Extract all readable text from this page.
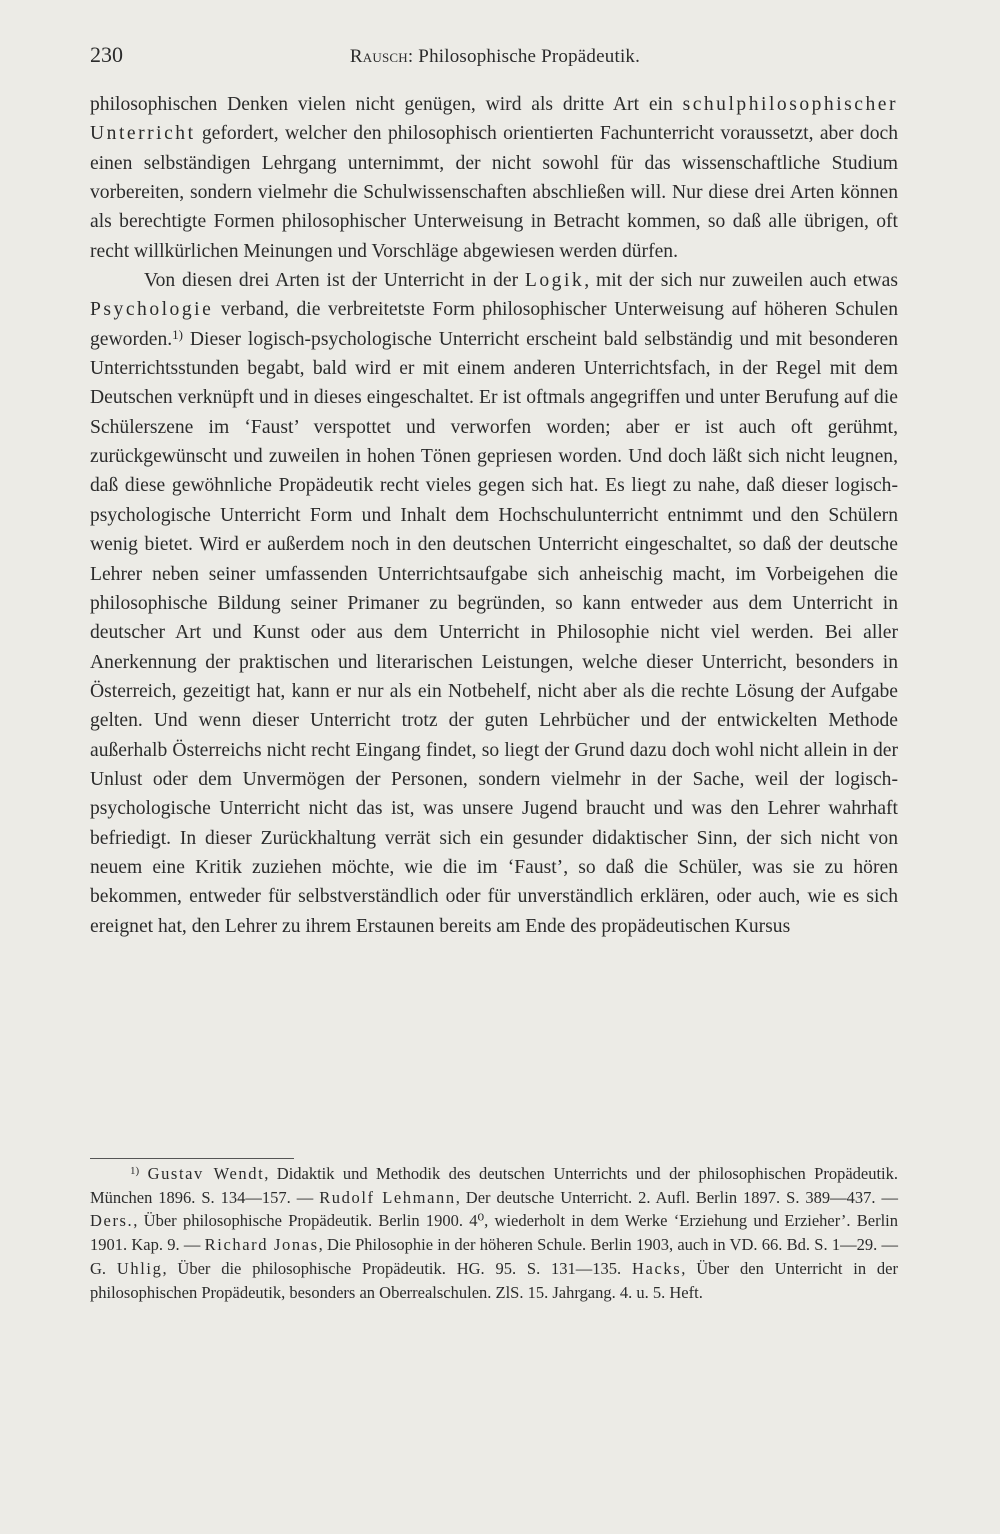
230	Rausch: Philosophische Propädeutik.

philosophischen Denken vielen nicht genügen, wird als dritte Art ein schulphilosophischer Unterricht gefordert, welcher den philosophisch orientierten Fachunterricht voraussetzt, aber doch einen selbständigen Lehrgang unternimmt, der nicht sowohl für das wissenschaftliche Studium vorbereiten, sondern vielmehr die Schulwissenschaften abschließen will. Nur diese drei Arten können als berechtigte Formen philosophischer Unterweisung in Betracht kommen, so daß alle übrigen, oft recht willkürlichen Meinungen und Vorschläge abgewiesen werden dürfen.

Von diesen drei Arten ist der Unterricht in der Logik, mit der sich nur zuweilen auch etwas Psychologie verband, die verbreitetste Form philosophischer Unterweisung auf höheren Schulen geworden.$^{1)}$ Dieser logisch-psychologische Unterricht erscheint bald selbständig und mit besonderen Unterrichtsstunden begabt, bald wird er mit einem anderen Unterrichtsfach, in der Regel mit dem Deutschen verknüpft und in dieses eingeschaltet. Er ist oftmals angegriffen und unter Berufung auf die Schülerszene im ‘Faust’ verspottet und verworfen worden; aber er ist auch oft gerühmt, zurückgewünscht und zuweilen in hohen Tönen gepriesen worden. Und doch läßt sich nicht leugnen, daß diese gewöhnliche Propädeutik recht vieles gegen sich hat. Es liegt zu nahe, daß dieser logisch-psychologische Unterricht Form und Inhalt dem Hochschulunterricht entnimmt und den Schülern wenig bietet. Wird er außerdem noch in den deutschen Unterricht eingeschaltet, so daß der deutsche Lehrer neben seiner umfassenden Unterrichtsaufgabe sich anheischig macht, im Vorbeigehen die philosophische Bildung seiner Primaner zu begründen, so kann entweder aus dem Unterricht in deutscher Art und Kunst oder aus dem Unterricht in Philosophie nicht viel werden. Bei aller Anerkennung der praktischen und literarischen Leistungen, welche dieser Unterricht, besonders in Österreich, gezeitigt hat, kann er nur als ein Notbehelf, nicht aber als die rechte Lösung der Aufgabe gelten. Und wenn dieser Unterricht trotz der guten Lehrbücher und der entwickelten Methode außerhalb Österreichs nicht recht Eingang findet, so liegt der Grund dazu doch wohl nicht allein in der Unlust oder dem Unvermögen der Personen, sondern vielmehr in der Sache, weil der logisch-psychologische Unterricht nicht das ist, was unsere Jugend braucht und was den Lehrer wahrhaft befriedigt. In dieser Zurückhaltung verrät sich ein gesunder didaktischer Sinn, der sich nicht von neuem eine Kritik zuziehen möchte, wie die im ‘Faust’, so daß die Schüler, was sie zu hören bekommen, entweder für selbstverständlich oder für unverständlich erklären, oder auch, wie es sich ereignet hat, den Lehrer zu ihrem Erstaunen bereits am Ende des propädeutischen Kursus

$^{1)}$ Gustav Wendt, Didaktik und Methodik des deutschen Unterrichts und der philosophischen Propädeutik. München 1896. S. 134—157. — Rudolf Lehmann, Der deutsche Unterricht. 2. Aufl. Berlin 1897. S. 389—437. — Ders., Über philosophische Propädeutik. Berlin 1900. 4⁰, wiederholt in dem Werke ‘Erziehung und Erzieher’. Berlin 1901. Kap. 9. — Richard Jonas, Die Philosophie in der höheren Schule. Berlin 1903, auch in VD. 66. Bd. S. 1—29. — G. Uhlig, Über die philosophische Propädeutik. HG. 95. S. 131—135. Hacks, Über den Unterricht in der philosophischen Propädeutik, besonders an Oberrealschulen. ZlS. 15. Jahrgang. 4. u. 5. Heft.
